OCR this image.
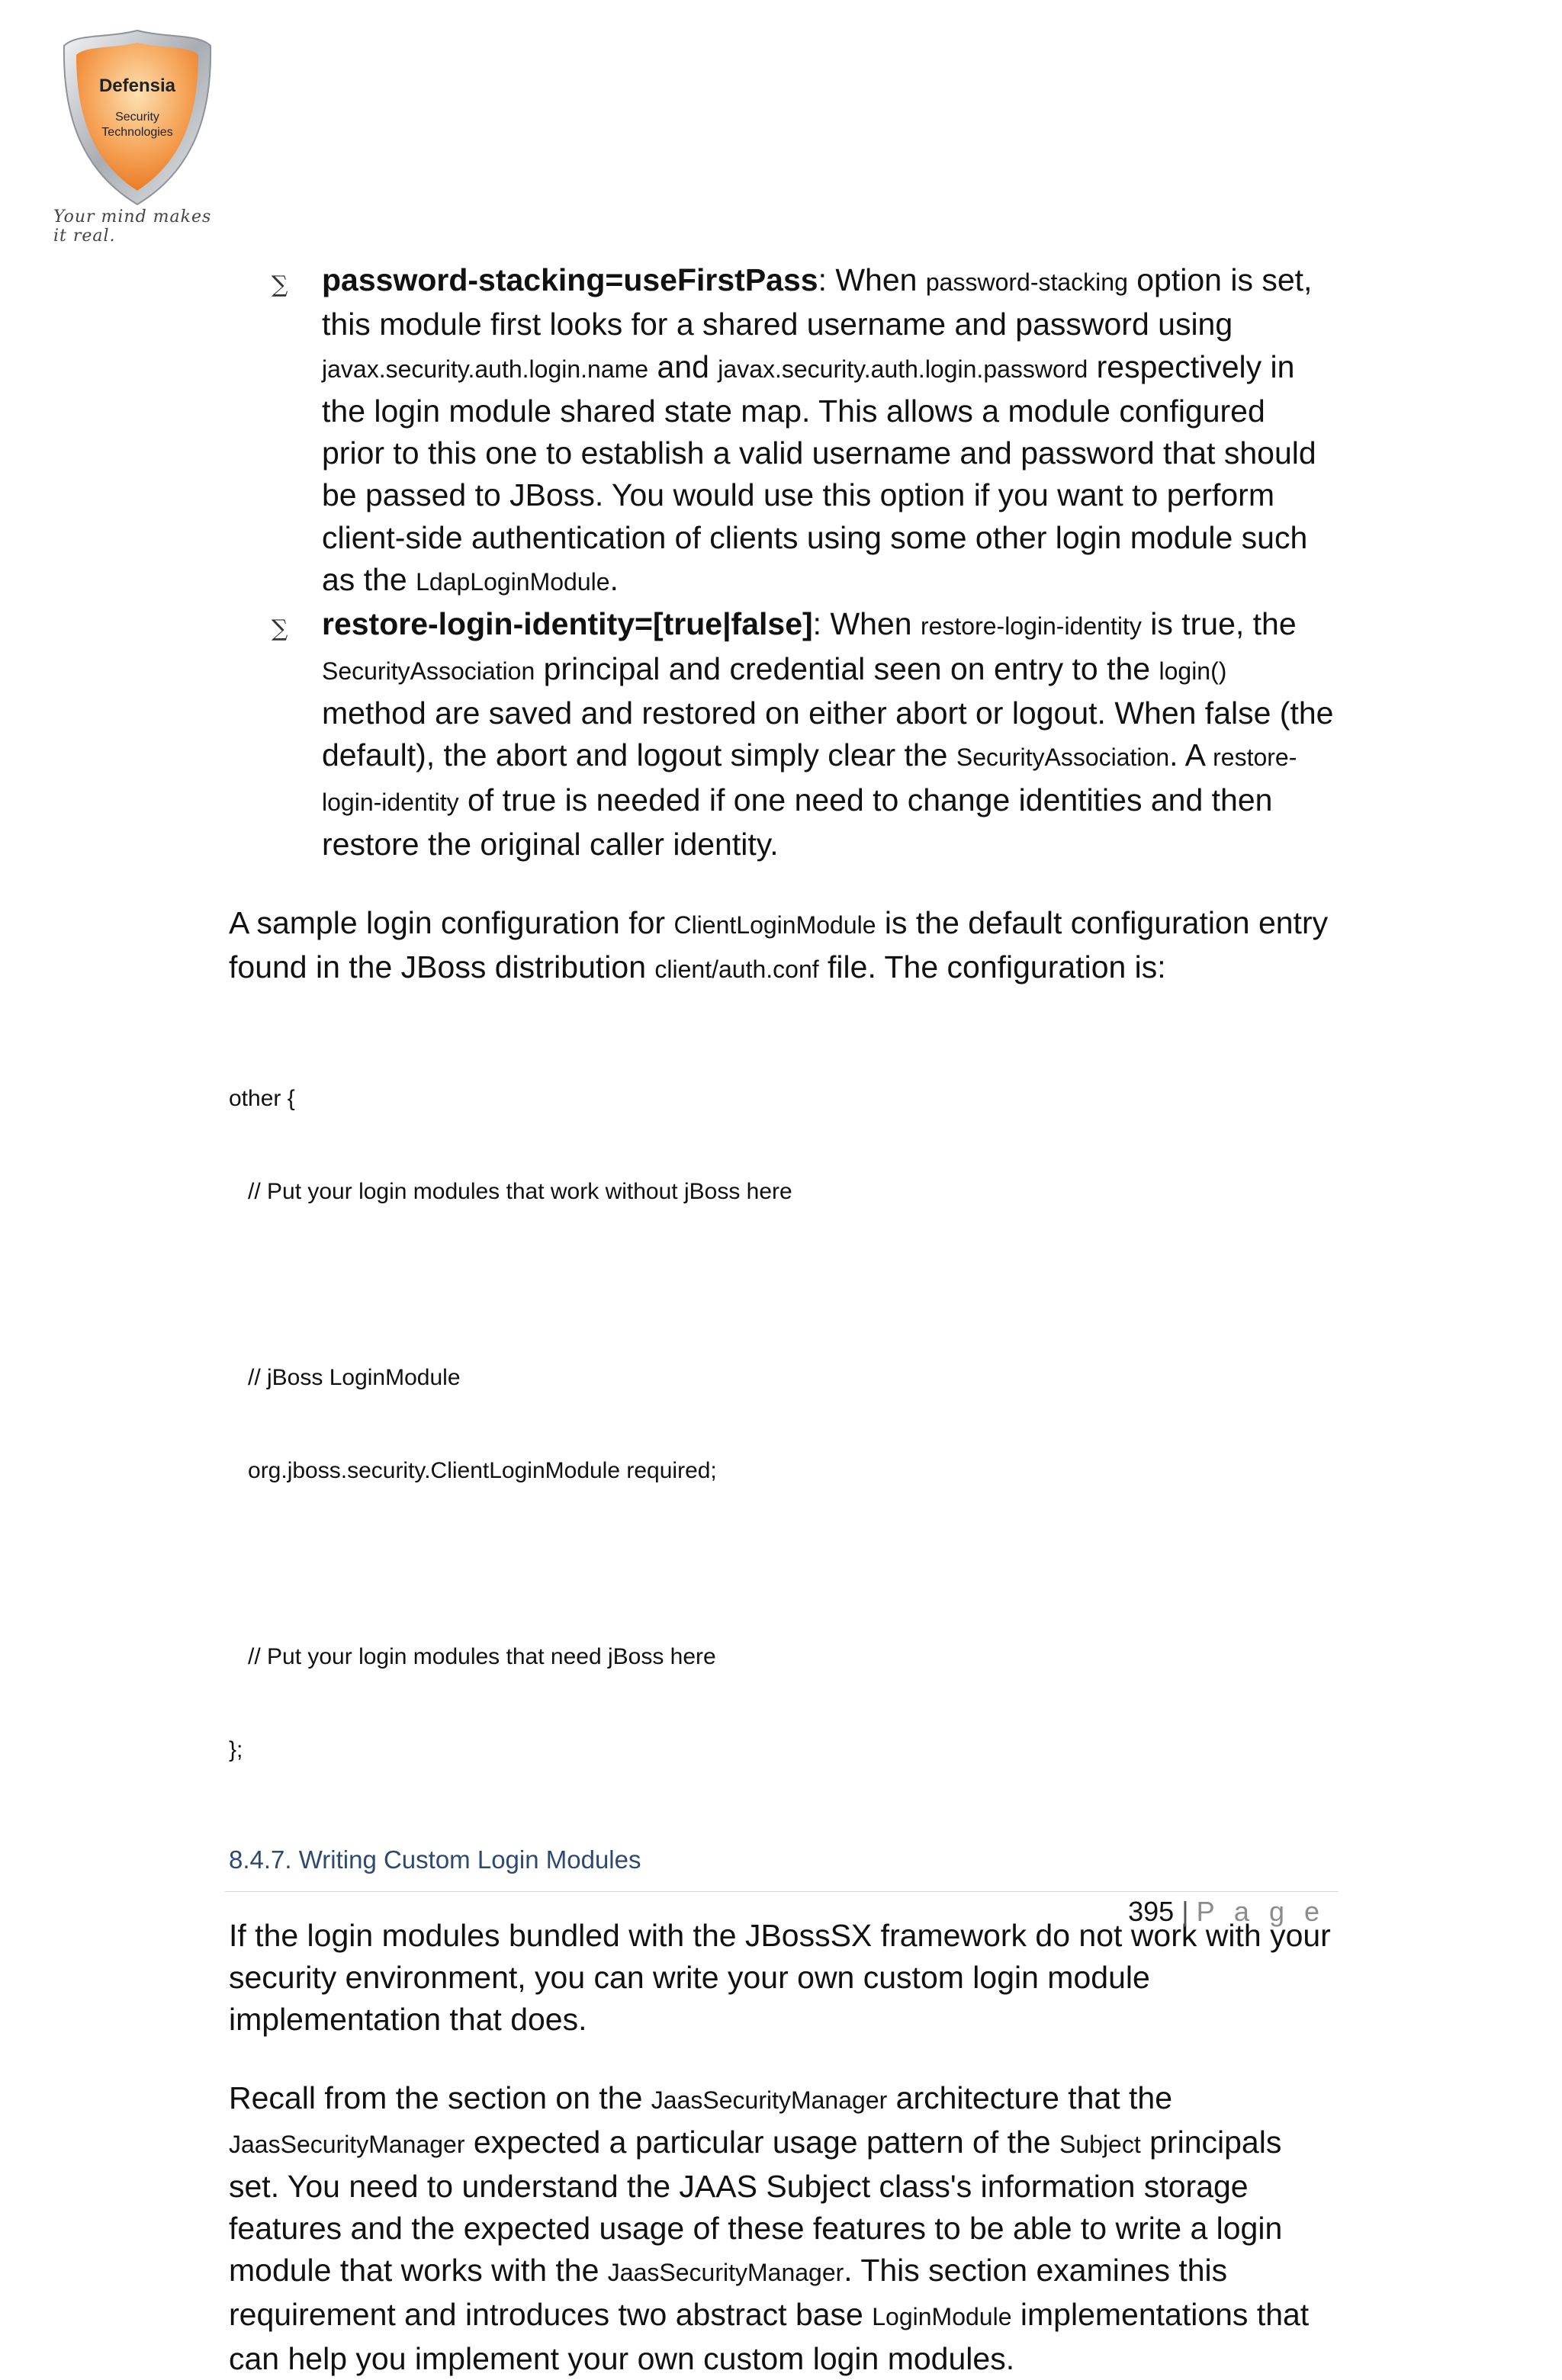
Defensia
Security
Technologies
Your mind makes it real.

∑ password-stacking=useFirstPass: When password-stacking option is set, this module first looks for a shared username and password using javax.security.auth.login.name and javax.security.auth.login.password respectively in the login module shared state map. This allows a module configured prior to this one to establish a valid username and password that should be passed to JBoss. You would use this option if you want to perform client-side authentication of clients using some other login module such as the LdapLoginModule.

∑ restore-login-identity=[true|false]: When restore-login-identity is true, the SecurityAssociation principal and credential seen on entry to the login() method are saved and restored on either abort or logout. When false (the default), the abort and logout simply clear the SecurityAssociation. A restore-login-identity of true is needed if one need to change identities and then restore the original caller identity.

A sample login configuration for ClientLoginModule is the default configuration entry found in the JBoss distribution client/auth.conf file. The configuration is:

other {

// Put your login modules that work without jBoss here

// jBoss LoginModule

org.jboss.security.ClientLoginModule required;

// Put your login modules that need jBoss here

};

8.4.7. Writing Custom Login Modules

If the login modules bundled with the JBossSX framework do not work with your security environment, you can write your own custom login module implementation that does.

Recall from the section on the JaasSecurityManager architecture that the JaasSecurityManager expected a particular usage pattern of the Subject principals set. You need to understand the JAAS Subject class's information storage features and the expected usage of these features to be able to write a login module that works with the JaasSecurityManager. This section examines this requirement and introduces two abstract base LoginModule implementations that can help you implement your own custom login modules.

395 | P a g e
